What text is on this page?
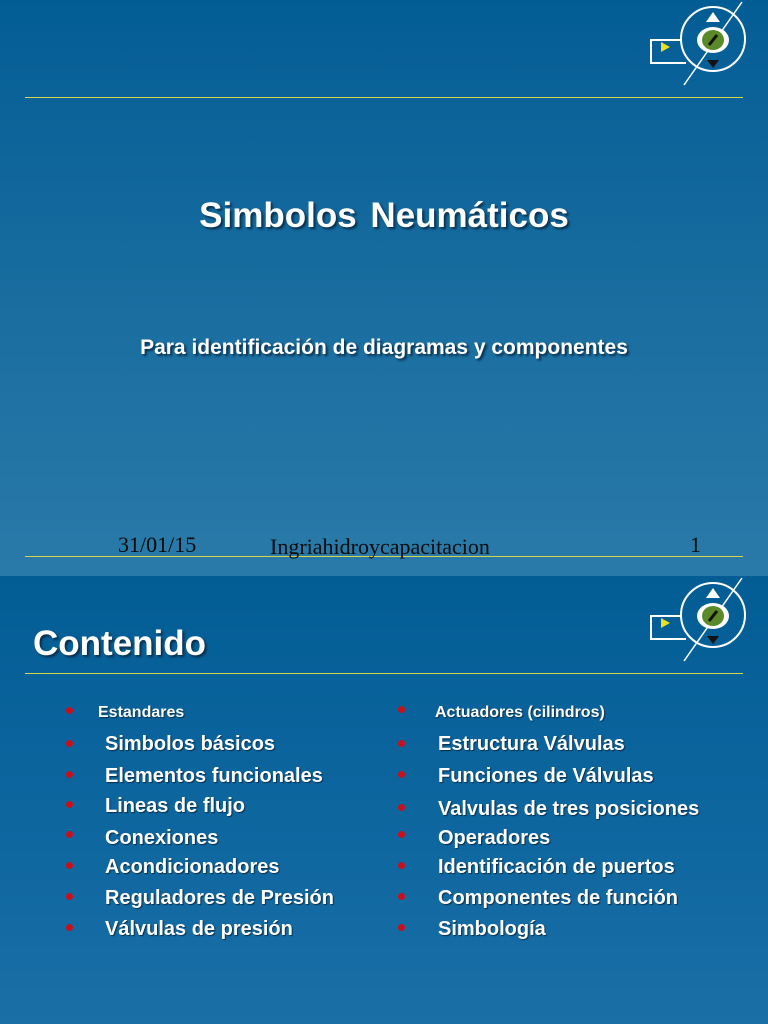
Simbolos Neumáticos
Para identificación de diagramas y componentes
31/01/15	Ingriahidroycapacitacion	1
Contenido
Estandares
Simbolos básicos
Elementos funcionales
Lineas de flujo
Conexiones
Acondicionadores
Reguladores de Presión
Válvulas de presión
Actuadores (cilindros)
Estructura Válvulas
Funciones de Válvulas
Valvulas de tres posiciones
Operadores
Identificación de puertos
Componentes de función
Simbología
